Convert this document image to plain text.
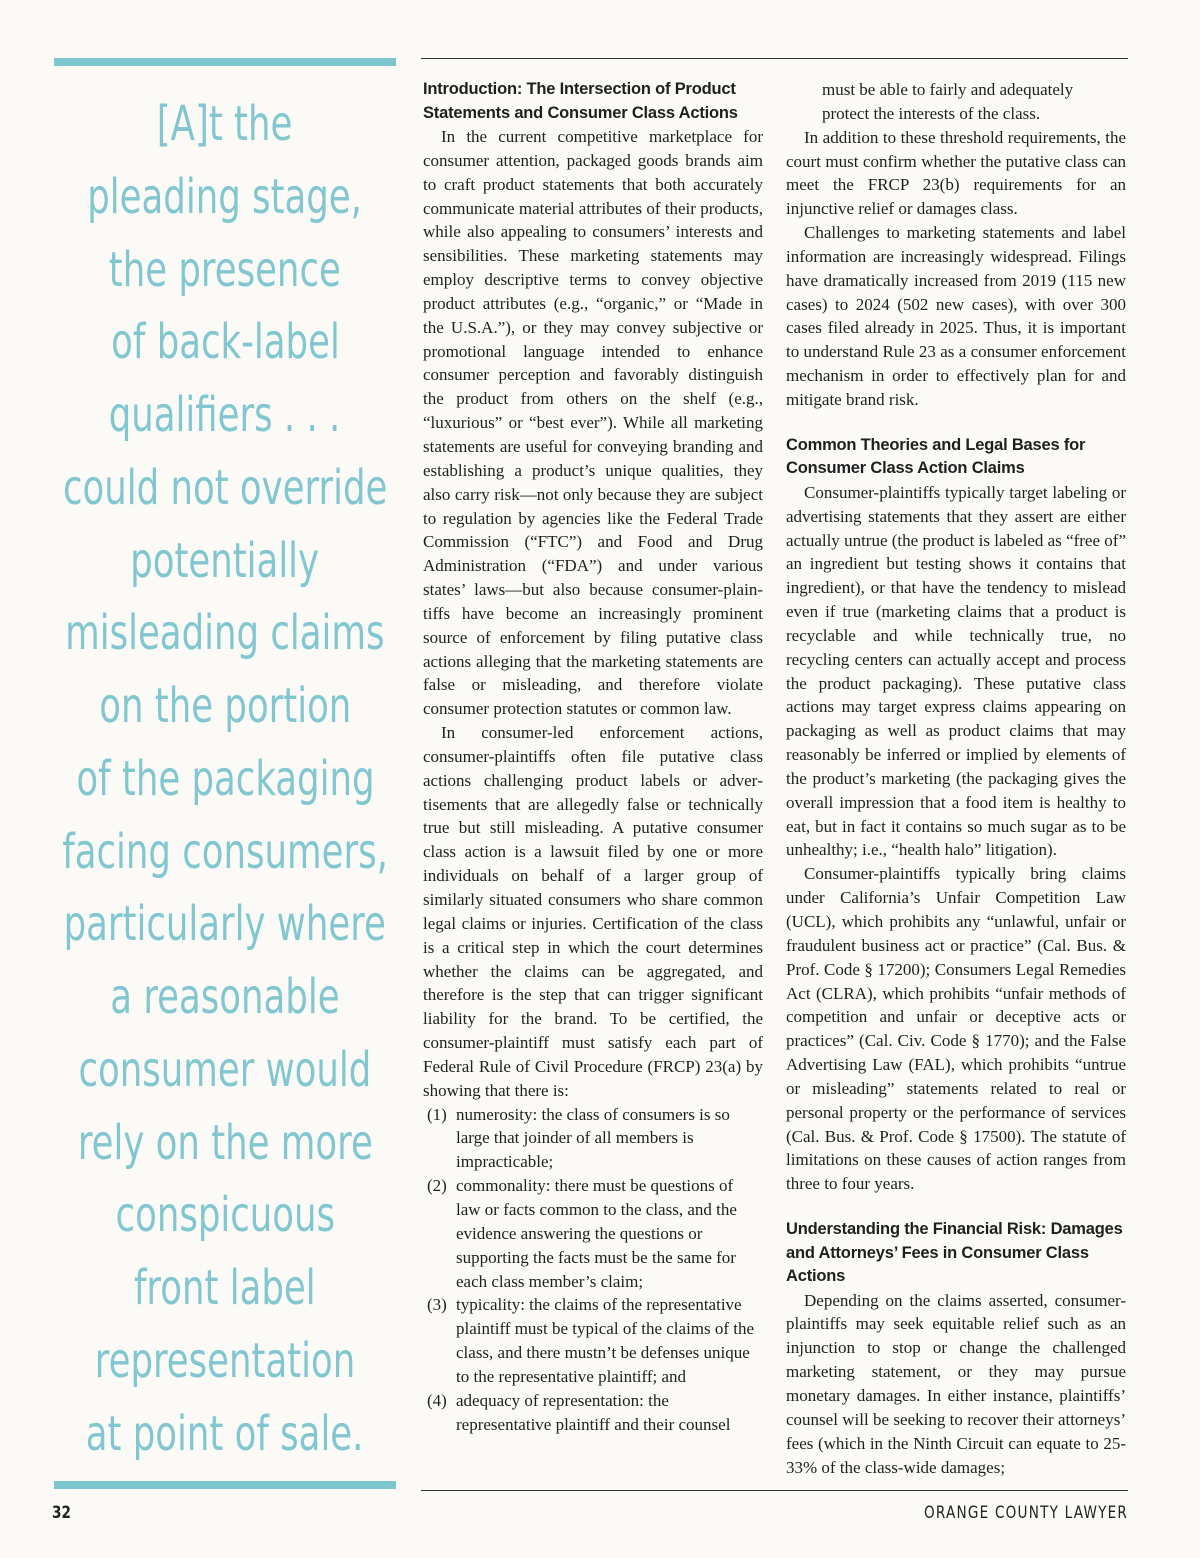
[A]t the
pleading stage,
the presence
of back-label
qualifiers . . .
could not override
potentially
misleading claims
on the portion
of the packaging
facing consumers,
particularly where
a reasonable
consumer would
rely on the more
conspicuous
front label
representation
at point of sale.
Introduction: The Intersection of Product Statements and Consumer Class Actions

In the current competitive marketplace for consumer attention, packaged goods brands aim to craft product statements that both accurately communicate material attributes of their products, while also appealing to consumers’ interests and sensibilities. These marketing statements may employ descriptive terms to convey objective product attributes (e.g., “organic,” or “Made in the U.S.A.”), or they may convey subjective or promotional language intended to enhance consumer perception and favorably distinguish the product from others on the shelf (e.g., “luxurious” or “best ever”). While all marketing statements are useful for conveying branding and establishing a product’s unique qualities, they also carry risk—not only because they are subject to regulation by agencies like the Federal Trade Commission (“FTC”) and Food and Drug Administration (“FDA”) and under various states’ laws—but also because consumer-plaintiffs have become an increasingly prominent source of enforcement by filing putative class actions alleging that the marketing statements are false or misleading, and therefore violate consumer protection statutes or common law.

In consumer-led enforcement actions, consumer-plaintiffs often file putative class actions challenging product labels or advertisements that are allegedly false or technically true but still misleading. A putative consumer class action is a lawsuit filed by one or more individuals on behalf of a larger group of similarly situated consumers who share common legal claims or injuries. Certification of the class is a critical step in which the court determines whether the claims can be aggregated, and therefore is the step that can trigger significant liability for the brand. To be certified, the consumer-plaintiff must satisfy each part of Federal Rule of Civil Procedure (FRCP) 23(a) by showing that there is:

(1) numerosity: the class of consumers is so large that joinder of all members is impracticable;
(2) commonality: there must be questions of law or facts common to the class, and the evidence answering the questions or supporting the facts must be the same for each class member’s claim;
(3) typicality: the claims of the representative plaintiff must be typical of the claims of the class, and there mustn’t be defenses unique to the representative plaintiff; and
(4) adequacy of representation: the representative plaintiff and their counsel
must be able to fairly and adequately protect the interests of the class.

In addition to these threshold requirements, the court must confirm whether the putative class can meet the FRCP 23(b) requirements for an injunctive relief or damages class.

Challenges to marketing statements and label information are increasingly widespread. Filings have dramatically increased from 2019 (115 new cases) to 2024 (502 new cases), with over 300 cases filed already in 2025. Thus, it is important to understand Rule 23 as a consumer enforcement mechanism in order to effectively plan for and mitigate brand risk.

Common Theories and Legal Bases for Consumer Class Action Claims

Consumer-plaintiffs typically target labeling or advertising statements that they assert are either actually untrue (the product is labeled as “free of” an ingredient but testing shows it contains that ingredient), or that have the tendency to mislead even if true (marketing claims that a product is recyclable and while technically true, no recycling centers can actually accept and process the product packaging). These putative class actions may target express claims appearing on packaging as well as product claims that may reasonably be inferred or implied by elements of the product’s marketing (the packaging gives the overall impression that a food item is healthy to eat, but in fact it contains so much sugar as to be unhealthy; i.e., “health halo” litigation).

Consumer-plaintiffs typically bring claims under California’s Unfair Competition Law (UCL), which prohibits any “unlawful, unfair or fraudulent business act or practice” (Cal. Bus. & Prof. Code § 17200); Consumers Legal Remedies Act (CLRA), which prohibits “unfair methods of competition and unfair or deceptive acts or practices” (Cal. Civ. Code § 1770); and the False Advertising Law (FAL), which prohibits “untrue or misleading” statements related to real or personal property or the performance of services (Cal. Bus. & Prof. Code § 17500). The statute of limitations on these causes of action ranges from three to four years.

Understanding the Financial Risk: Damages and Attorneys’ Fees in Consumer Class Actions

Depending on the claims asserted, consumer-plaintiffs may seek equitable relief such as an injunction to stop or change the challenged marketing statement, or they may pursue monetary damages. In either instance, plaintiffs’ counsel will be seeking to recover their attorneys’ fees (which in the Ninth Circuit can equate to 25-33% of the class-wide damages;

32	ORANGE COUNTY LAWYER
